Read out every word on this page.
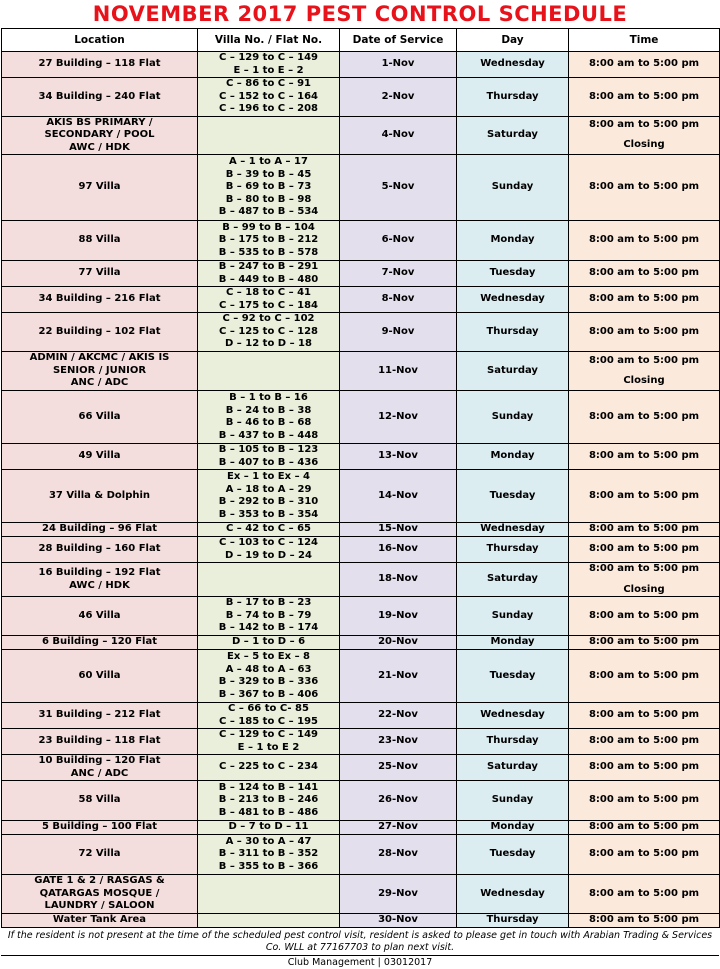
NOVEMBER 2017 PEST CONTROL SCHEDULE
Location	Villa No. / Flat No.	Date of Service	Day	Time

27 Building – 118 Flat	C – 129 to C – 149
E – 1 to E – 2	1-Nov	Wednesday	8:00 am to 5:00 pm

34 Building – 240 Flat	C – 86 to C – 91
C – 152 to C – 164
C – 196 to C – 208	2-Nov	Thursday	8:00 am to 5:00 pm

AKIS BS PRIMARY /
SECONDARY / POOL
AWC / HDK		4-Nov	Saturday	8:00 am to 5:00 pm
Closing

97 Villa	A – 1 to A – 17
B – 39 to B – 45
B – 69 to B – 73
B – 80 to B – 98
B – 487 to B – 534	5-Nov	Sunday	8:00 am to 5:00 pm

88 Villa	B – 99 to B – 104
B – 175 to B – 212
B – 535 to B – 578	6-Nov	Monday	8:00 am to 5:00 pm

77 Villa	B – 247 to B – 291
B – 449 to B – 480	7-Nov	Tuesday	8:00 am to 5:00 pm

34 Building – 216 Flat	C – 18 to C – 41
C – 175 to C – 184	8-Nov	Wednesday	8:00 am to 5:00 pm

22 Building – 102 Flat	C – 92 to C – 102
C – 125 to C – 128
D – 12 to D – 18	9-Nov	Thursday	8:00 am to 5:00 pm

ADMIN / AKCMC / AKIS IS
SENIOR / JUNIOR
ANC / ADC		11-Nov	Saturday	8:00 am to 5:00 pm
Closing

66 Villa	B – 1 to B – 16
B – 24 to B – 38
B – 46 to B – 68
B – 437 to B – 448	12-Nov	Sunday	8:00 am to 5:00 pm

49 Villa	B – 105 to B – 123
B – 407 to B – 436	13-Nov	Monday	8:00 am to 5:00 pm

37 Villa & Dolphin	Ex – 1 to Ex – 4
A – 18 to A – 29
B – 292 to B – 310
B – 353 to B – 354	14-Nov	Tuesday	8:00 am to 5:00 pm

24 Building – 96 Flat	C – 42 to C – 65	15-Nov	Wednesday	8:00 am to 5:00 pm

28 Building – 160 Flat	C – 103 to C – 124
D – 19 to D – 24	16-Nov	Thursday	8:00 am to 5:00 pm

16 Building – 192 Flat
AWC / HDK		18-Nov	Saturday	8:00 am to 5:00 pm
Closing

46 Villa	B – 17 to B – 23
B – 74 to B – 79
B – 142 to B – 174	19-Nov	Sunday	8:00 am to 5:00 pm

6 Building – 120 Flat	D – 1 to D – 6	20-Nov	Monday	8:00 am to 5:00 pm

60 Villa	Ex – 5 to Ex – 8
A – 48 to A – 63
B – 329 to B – 336
B – 367 to B – 406	21-Nov	Tuesday	8:00 am to 5:00 pm

31 Building – 212 Flat	C – 66 to C- 85
C – 185 to C – 195	22-Nov	Wednesday	8:00 am to 5:00 pm

23 Building – 118 Flat	C – 129 to C – 149
E – 1 to E 2	23-Nov	Thursday	8:00 am to 5:00 pm

10 Building – 120 Flat
ANC / ADC	C – 225 to C – 234	25-Nov	Saturday	8:00 am to 5:00 pm

58 Villa	B – 124 to B – 141
B – 213 to B – 246
B – 481 to B – 486	26-Nov	Sunday	8:00 am to 5:00 pm

5 Building – 100 Flat	D – 7 to D – 11	27-Nov	Monday	8:00 am to 5:00 pm

72 Villa	A – 30 to A – 47
B – 311 to B – 352
B – 355 to B – 366	28-Nov	Tuesday	8:00 am to 5:00 pm

GATE 1 & 2 / RASGAS &
QATARGAS MOSQUE /
LAUNDRY / SALOON		29-Nov	Wednesday	8:00 am to 5:00 pm

Water Tank Area		30-Nov	Thursday	8:00 am to 5:00 pm
If the resident is not present at the time of the scheduled pest control visit, resident is asked to please get in touch with Arabian Trading & Services Co. WLL at 77167703 to plan next visit.
Club Management | 03012017
